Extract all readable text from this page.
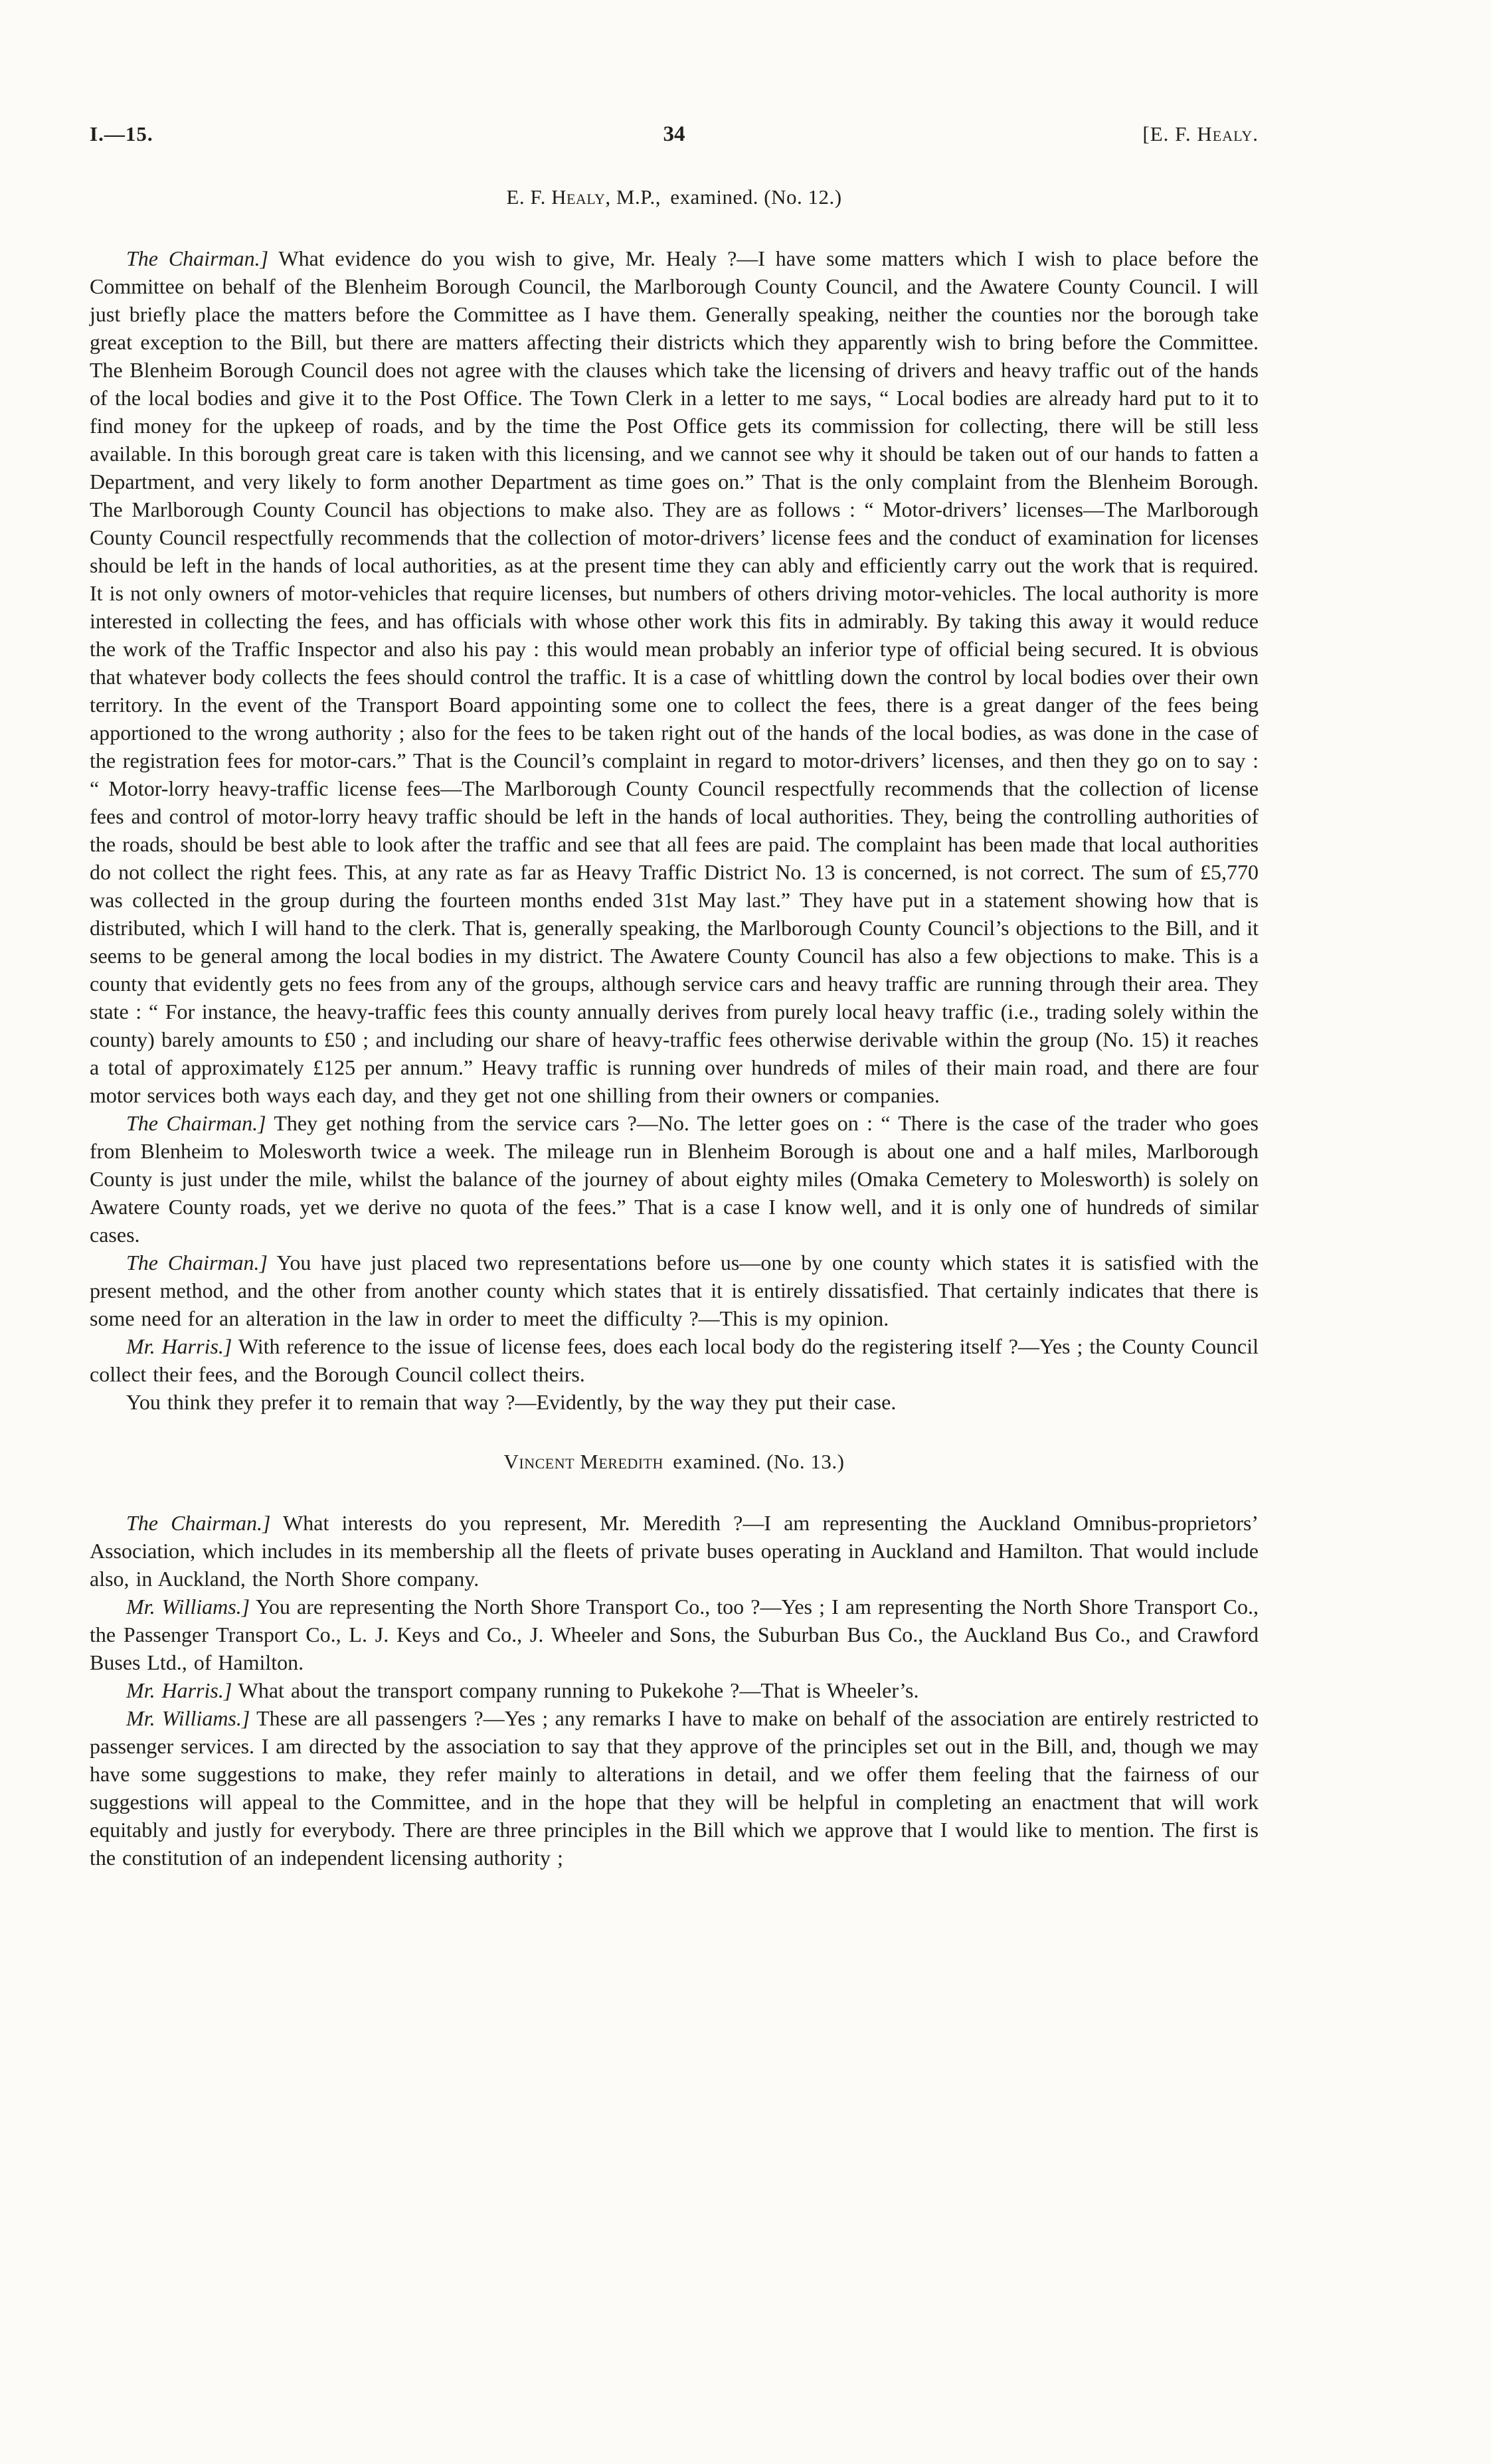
I.—15.	34	[E. F. Healy.
E. F. Healy, M.P., examined. (No. 12.)

The Chairman.] What evidence do you wish to give, Mr. Healy ?—I have some matters which I wish to place before the Committee on behalf of the Blenheim Borough Council, the Marlborough County Council, and the Awatere County Council. I will just briefly place the matters before the Committee as I have them. Generally speaking, neither the counties nor the borough take great exception to the Bill, but there are matters affecting their districts which they apparently wish to bring before the Committee. The Blenheim Borough Council does not agree with the clauses which take the licensing of drivers and heavy traffic out of the hands of the local bodies and give it to the Post Office. The Town Clerk in a letter to me says, “ Local bodies are already hard put to it to find money for the upkeep of roads, and by the time the Post Office gets its commission for collecting, there will be still less available. In this borough great care is taken with this licensing, and we cannot see why it should be taken out of our hands to fatten a Department, and very likely to form another Department as time goes on.” That is the only complaint from the Blenheim Borough. The Marlborough County Council has objections to make also. They are as follows : “ Motor-drivers’ licenses—The Marlborough County Council respectfully recommends that the collection of motor-drivers’ license fees and the conduct of examination for licenses should be left in the hands of local authorities, as at the present time they can ably and efficiently carry out the work that is required. It is not only owners of motor-vehicles that require licenses, but numbers of others driving motor-vehicles. The local authority is more interested in collecting the fees, and has officials with whose other work this fits in admirably. By taking this away it would reduce the work of the Traffic Inspector and also his pay : this would mean probably an inferior type of official being secured. It is obvious that whatever body collects the fees should control the traffic. It is a case of whittling down the control by local bodies over their own territory. In the event of the Transport Board appointing some one to collect the fees, there is a great danger of the fees being apportioned to the wrong authority ; also for the fees to be taken right out of the hands of the local bodies, as was done in the case of the registration fees for motor-cars.” That is the Council’s complaint in regard to motor-drivers’ licenses, and then they go on to say : “ Motor-lorry heavy-traffic license fees—The Marlborough County Council respectfully recommends that the collection of license fees and control of motor-lorry heavy traffic should be left in the hands of local authorities. They, being the controlling authorities of the roads, should be best able to look after the traffic and see that all fees are paid. The complaint has been made that local authorities do not collect the right fees. This, at any rate as far as Heavy Traffic District No. 13 is concerned, is not correct. The sum of £5,770 was collected in the group during the fourteen months ended 31st May last.” They have put in a statement showing how that is distributed, which I will hand to the clerk. That is, generally speaking, the Marlborough County Council’s objections to the Bill, and it seems to be general among the local bodies in my district. The Awatere County Council has also a few objections to make. This is a county that evidently gets no fees from any of the groups, although service cars and heavy traffic are running through their area. They state : “ For instance, the heavy-traffic fees this county annually derives from purely local heavy traffic (i.e., trading solely within the county) barely amounts to £50 ; and including our share of heavy-traffic fees otherwise derivable within the group (No. 15) it reaches a total of approximately £125 per annum.” Heavy traffic is running over hundreds of miles of their main road, and there are four motor services both ways each day, and they get not one shilling from their owners or companies.

The Chairman.] They get nothing from the service cars ?—No. The letter goes on : “ There is the case of the trader who goes from Blenheim to Molesworth twice a week. The mileage run in Blenheim Borough is about one and a half miles, Marlborough County is just under the mile, whilst the balance of the journey of about eighty miles (Omaka Cemetery to Molesworth) is solely on Awatere County roads, yet we derive no quota of the fees.” That is a case I know well, and it is only one of hundreds of similar cases.

The Chairman.] You have just placed two representations before us—one by one county which states it is satisfied with the present method, and the other from another county which states that it is entirely dissatisfied. That certainly indicates that there is some need for an alteration in the law in order to meet the difficulty ?—This is my opinion.

Mr. Harris.] With reference to the issue of license fees, does each local body do the registering itself ?—Yes ; the County Council collect their fees, and the Borough Council collect theirs.

You think they prefer it to remain that way ?—Evidently, by the way they put their case.

Vincent Meredith examined. (No. 13.)

The Chairman.] What interests do you represent, Mr. Meredith ?—I am representing the Auckland Omnibus-proprietors’ Association, which includes in its membership all the fleets of private buses operating in Auckland and Hamilton. That would include also, in Auckland, the North Shore company.

Mr. Williams.] You are representing the North Shore Transport Co., too ?—Yes ; I am representing the North Shore Transport Co., the Passenger Transport Co., L. J. Keys and Co., J. Wheeler and Sons, the Suburban Bus Co., the Auckland Bus Co., and Crawford Buses Ltd., of Hamilton.

Mr. Harris.] What about the transport company running to Pukekohe ?—That is Wheeler’s.

Mr. Williams.] These are all passengers ?—Yes ; any remarks I have to make on behalf of the association are entirely restricted to passenger services. I am directed by the association to say that they approve of the principles set out in the Bill, and, though we may have some suggestions to make, they refer mainly to alterations in detail, and we offer them feeling that the fairness of our suggestions will appeal to the Committee, and in the hope that they will be helpful in completing an enactment that will work equitably and justly for everybody. There are three principles in the Bill which we approve that I would like to mention. The first is the constitution of an independent licensing authority ;
